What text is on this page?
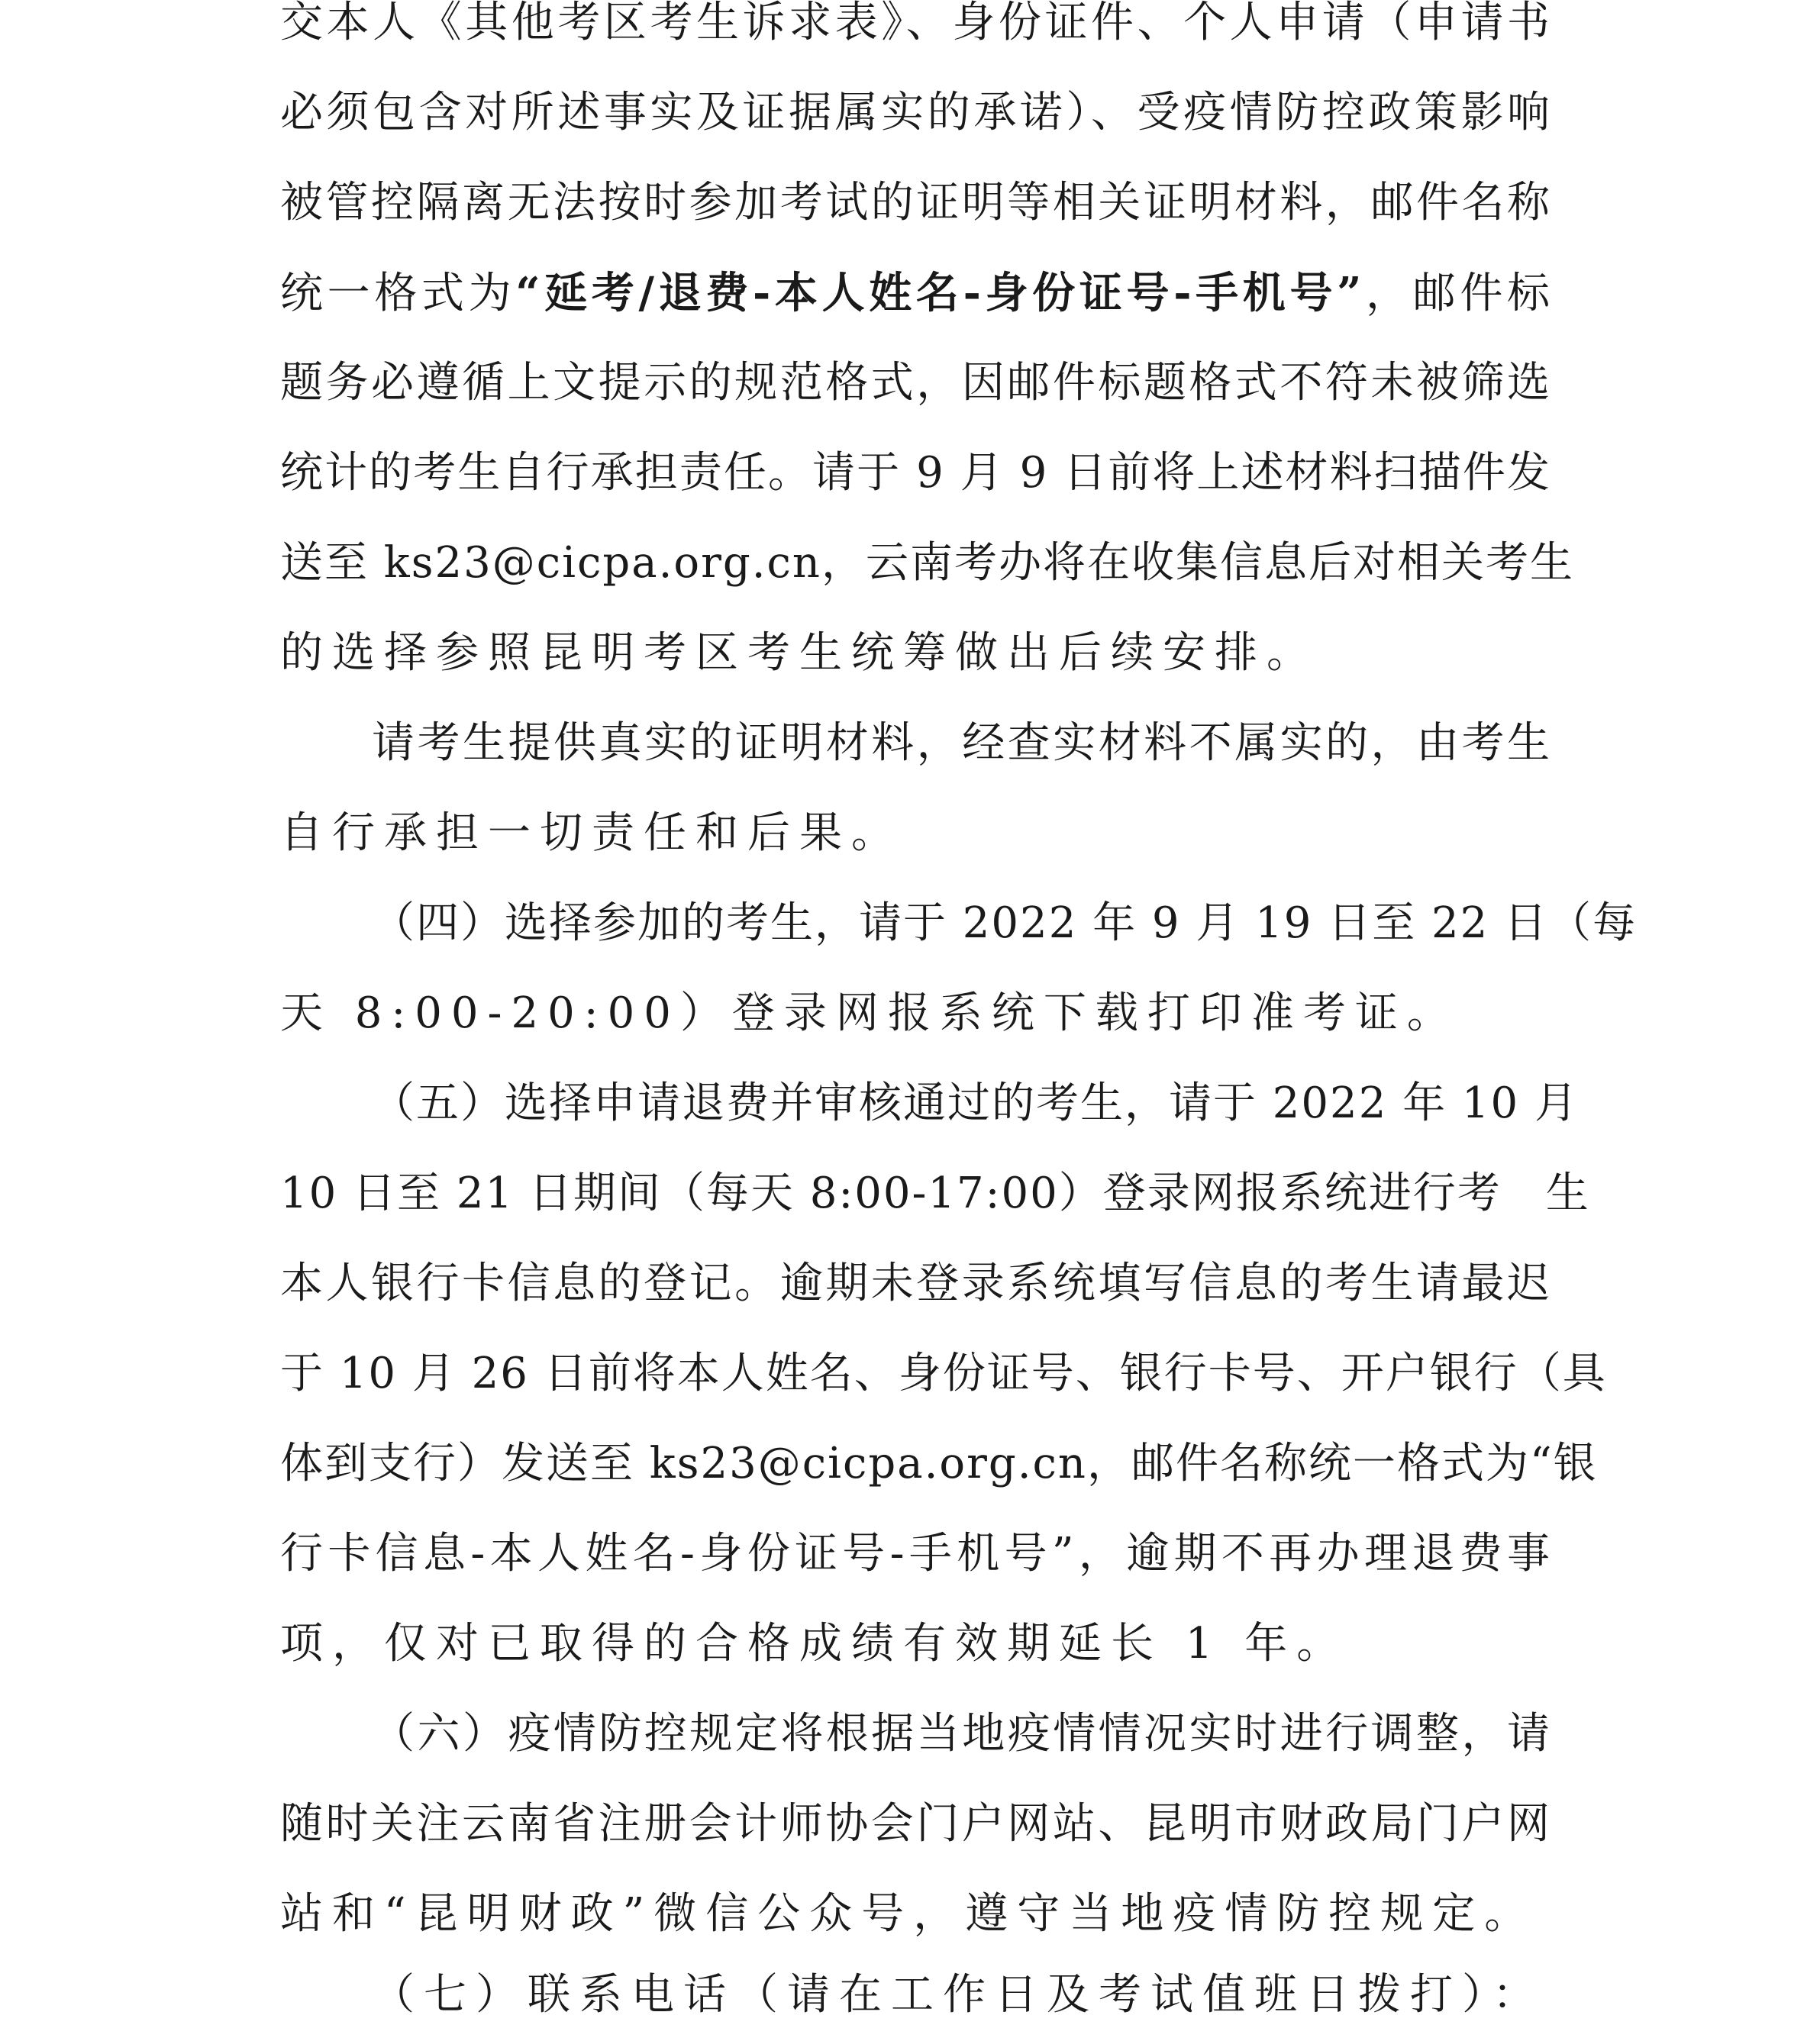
交本人《其他考区考生诉求表》、身份证件、个人申请（申请书
必须包含对所述事实及证据属实的承诺）、受疫情防控政策影响
被管控隔离无法按时参加考试的证明等相关证明材料，邮件名称
统一格式为“延考/退费-本人姓名-身份证号-手机号”，邮件标
题务必遵循上文提示的规范格式，因邮件标题格式不符未被筛选
统计的考生自行承担责任。请于 9 月 9 日前将上述材料扫描件发
送至 ks23@cicpa.org.cn，云南考办将在收集信息后对相关考生
的选择参照昆明考区考生统筹做出后续安排。
请考生提供真实的证明材料，经查实材料不属实的，由考生
自行承担一切责任和后果。
（四）选择参加的考生，请于 2022 年 9 月 19 日至 22 日（每
天 8:00-20:00）登录网报系统下载打印准考证。
（五）选择申请退费并审核通过的考生，请于 2022 年 10 月
10 日至 21 日期间（每天 8:00-17:00）登录网报系统进行考　生
本人银行卡信息的登记。逾期未登录系统填写信息的考生请最迟
于 10 月 26 日前将本人姓名、身份证号、银行卡号、开户银行（具
体到支行）发送至 ks23@cicpa.org.cn，邮件名称统一格式为“银
行卡信息-本人姓名-身份证号-手机号”，逾期不再办理退费事
项，仅对已取得的合格成绩有效期延长 1 年。
（六）疫情防控规定将根据当地疫情情况实时进行调整，请
随时关注云南省注册会计师协会门户网站、昆明市财政局门户网
站和“昆明财政”微信公众号，遵守当地疫情防控规定。
（七）联系电话（请在工作日及考试值班日拨打）：
